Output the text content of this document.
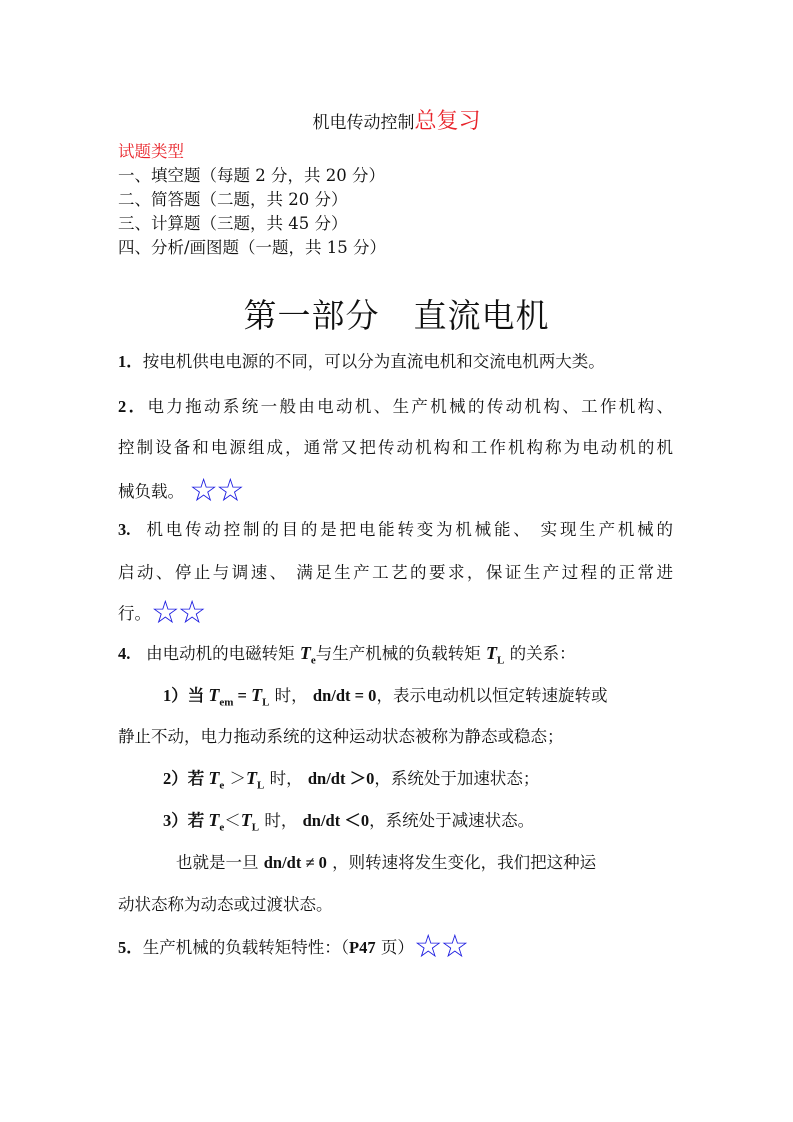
机电传动控制总复习
试题类型
一、填空题（每题 2 分，共 20 分）
二、简答题（二题，共 20 分）
三、计算题（三题，共 45 分）
四、分析/画图题（一题，共 15 分）
第一部分　直流电机
1．按电机供电电源的不同，可以分为直流电机和交流电机两大类。
2．电力拖动系统一般由电动机、生产机械的传动机构、工作机构、
控制设备和电源组成，通常又把传动机构和工作机构称为电动机的机
械负载。 ☆☆
3. 机电传动控制的目的是把电能转变为机械能、 实现生产机械的
启动、停止与调速、 满足生产工艺的要求，保证生产过程的正常进
行。☆☆
4. 由电动机的电磁转矩 $T_e$与生产机械的负载转矩 $T_L$ 的关系：
1）当 $T_{em} = T_L$ 时， dn/dt = 0，表示电动机以恒定转速旋转或
静止不动，电力拖动系统的这种运动状态被称为静态或稳态；
2）若 $T_e >T_L$ 时， dn/dt ＞0，系统处于加速状态；
3）若 $T_e<T_L$ 时， dn/dt ＜0，系统处于减速状态。
也就是一旦 dn/dt ≠ 0 ，则转速将发生变化，我们把这种运
动状态称为动态或过渡状态。
5．生产机械的负载转矩特性：（P47 页）☆☆
